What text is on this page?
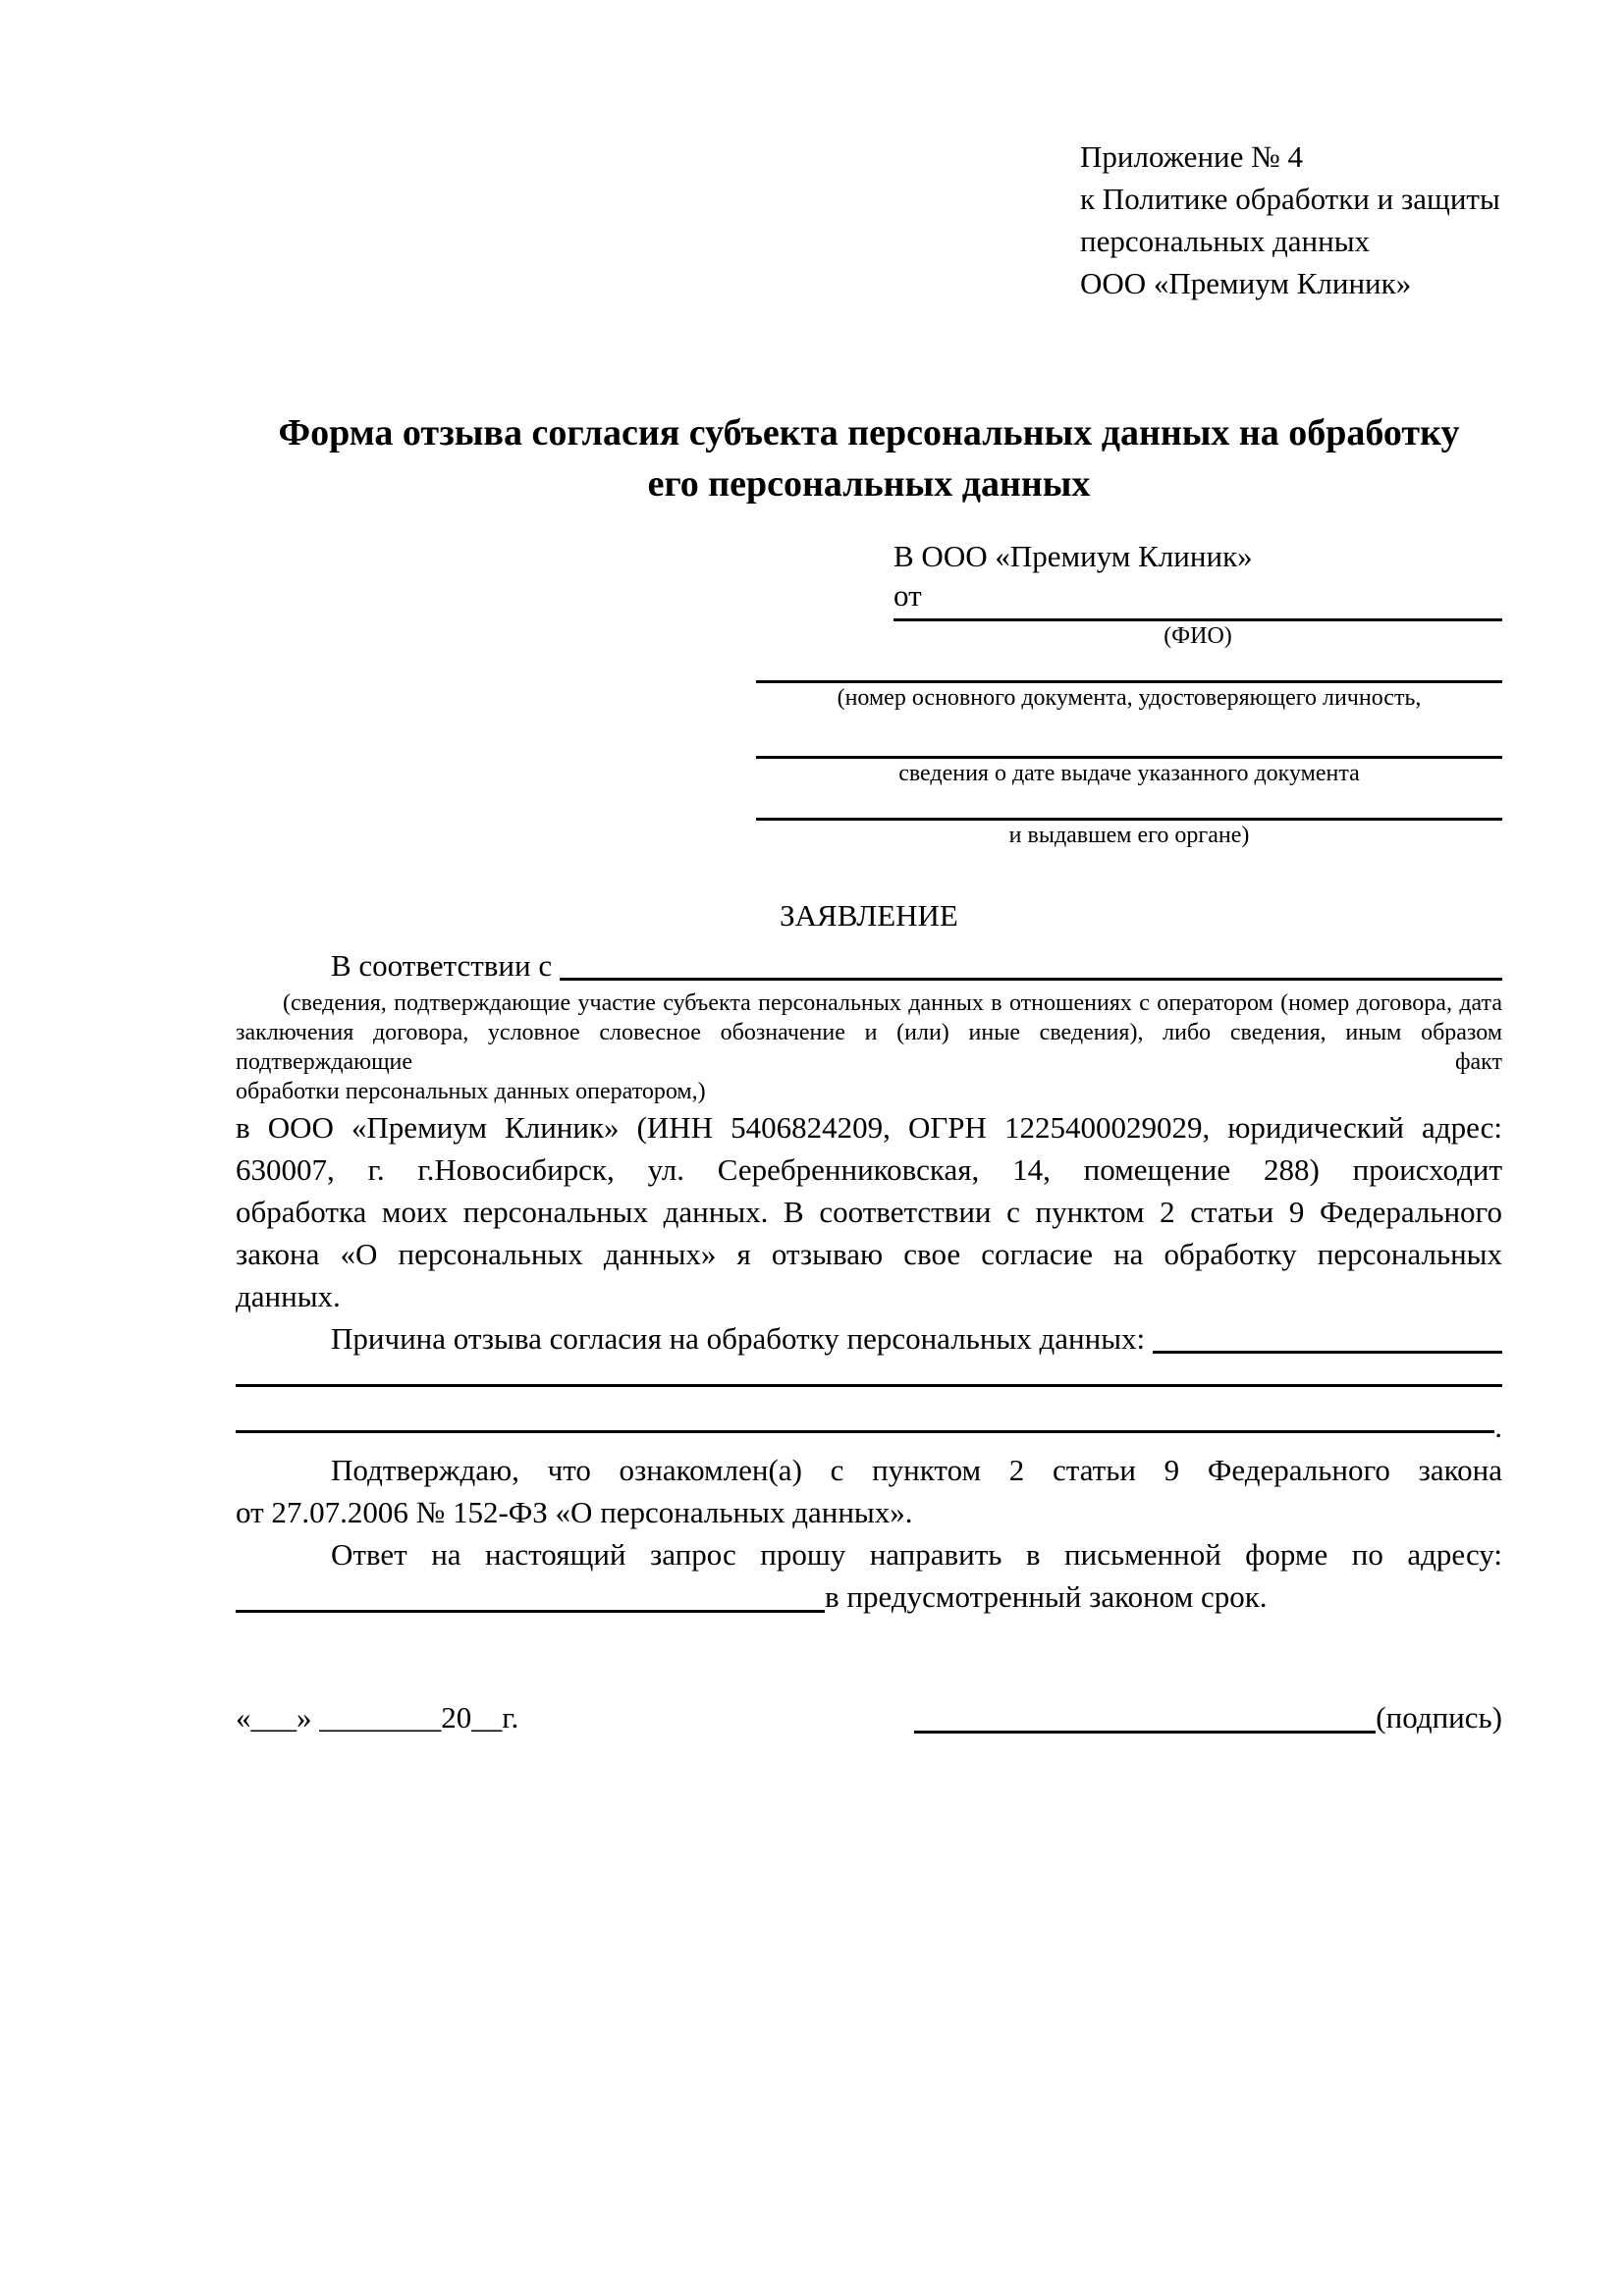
Приложение № 4
к Политике обработки и защиты
персональных данных
ООО «Премиум Клиник»
Форма отзыва согласия субъекта персональных данных на обработку
его персональных данных
В ООО «Премиум Клиник»
от
(ФИО)
(номер основного документа, удостоверяющего личность,
сведения о дате выдаче указанного документа
и выдавшем его органе)
ЗАЯВЛЕНИЕ
В соответствии с
(сведения, подтверждающие участие субъекта персональных данных в отношениях с оператором (номер договора, дата
заключения договора, условное словесное обозначение и (или) иные сведения), либо сведения, иным образом подтверждающие факт
обработки персональных данных оператором,)
в ООО «Премиум Клиник» (ИНН 5406824209, ОГРН 1225400029029, юридический адрес:
630007, г. г.Новосибирск, ул. Серебренниковская, 14, помещение 288) происходит
обработка моих персональных данных. В соответствии с пунктом 2 статьи 9 Федерального
закона «О персональных данных» я отзываю свое согласие на обработку персональных
данных.
Причина отзыва согласия на обработку персональных данных:
.
Подтверждаю, что ознакомлен(а) с пунктом 2 статьи 9 Федерального закона
от 27.07.2006 № 152-ФЗ «О персональных данных».
Ответ на настоящий запрос прошу направить в письменной форме по адресу:
в предусмотренный законом срок.
«___» ________20__г.	(подпись)
